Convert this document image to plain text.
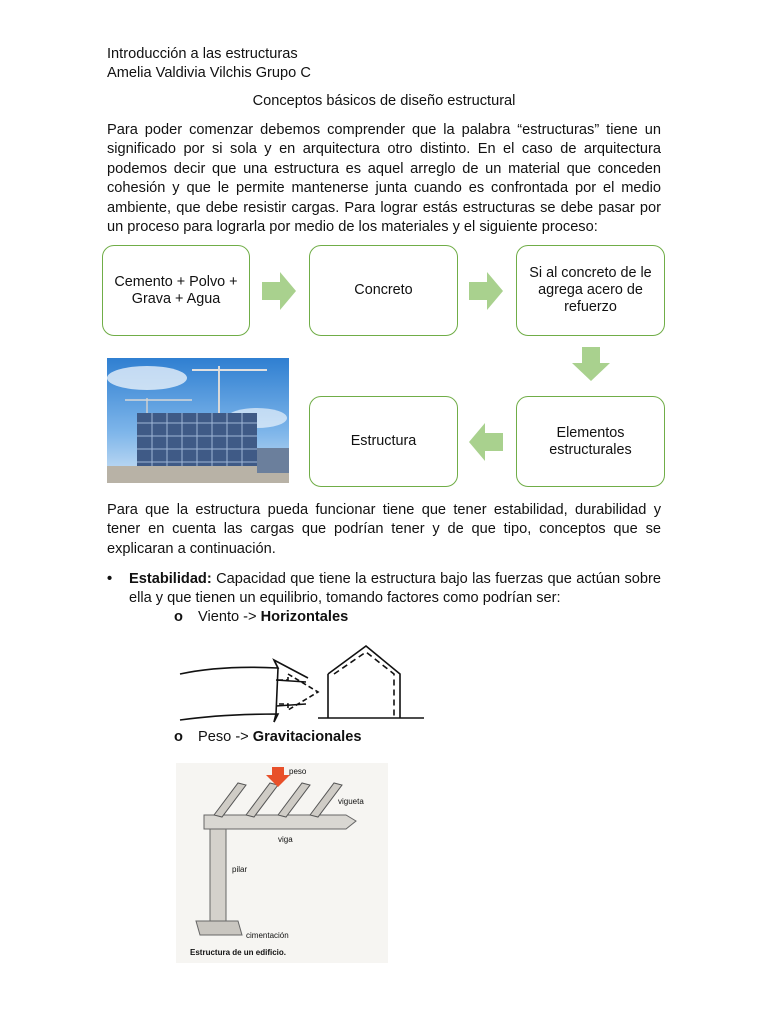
Introducción a las estructuras
Amelia Valdivia Vilchis Grupo C
Conceptos básicos de diseño estructural
Para poder comenzar debemos comprender que la palabra “estructuras” tiene un significado por si sola y en arquitectura otro distinto. En el caso de arquitectura podemos decir que una estructura es aquel arreglo de un material que conceden cohesión y que le permite mantenerse junta cuando es confrontada por el medio ambiente, que debe resistir cargas. Para lograr estás estructuras se debe pasar por un proceso para lograrla por medio de los materiales y el siguiente proceso:
Cemento + Polvo + Grava + Agua
Concreto
Si al concreto de le agrega acero de refuerzo
Elementos estructurales
Estructura
Para que la estructura pueda funcionar tiene que tener estabilidad, durabilidad y tener en cuenta las cargas que podrían tener y de que tipo, conceptos que se explicaran a continuación.
• Estabilidad: Capacidad que tiene la estructura bajo las fuerzas que actúan sobre ella y que tienen un equilibrio, tomando factores como podrían ser:
o Viento -> Horizontales
o Peso -> Gravitacionales
peso
vigueta
viga
pilar
cimentación
Estructura de un edificio.
